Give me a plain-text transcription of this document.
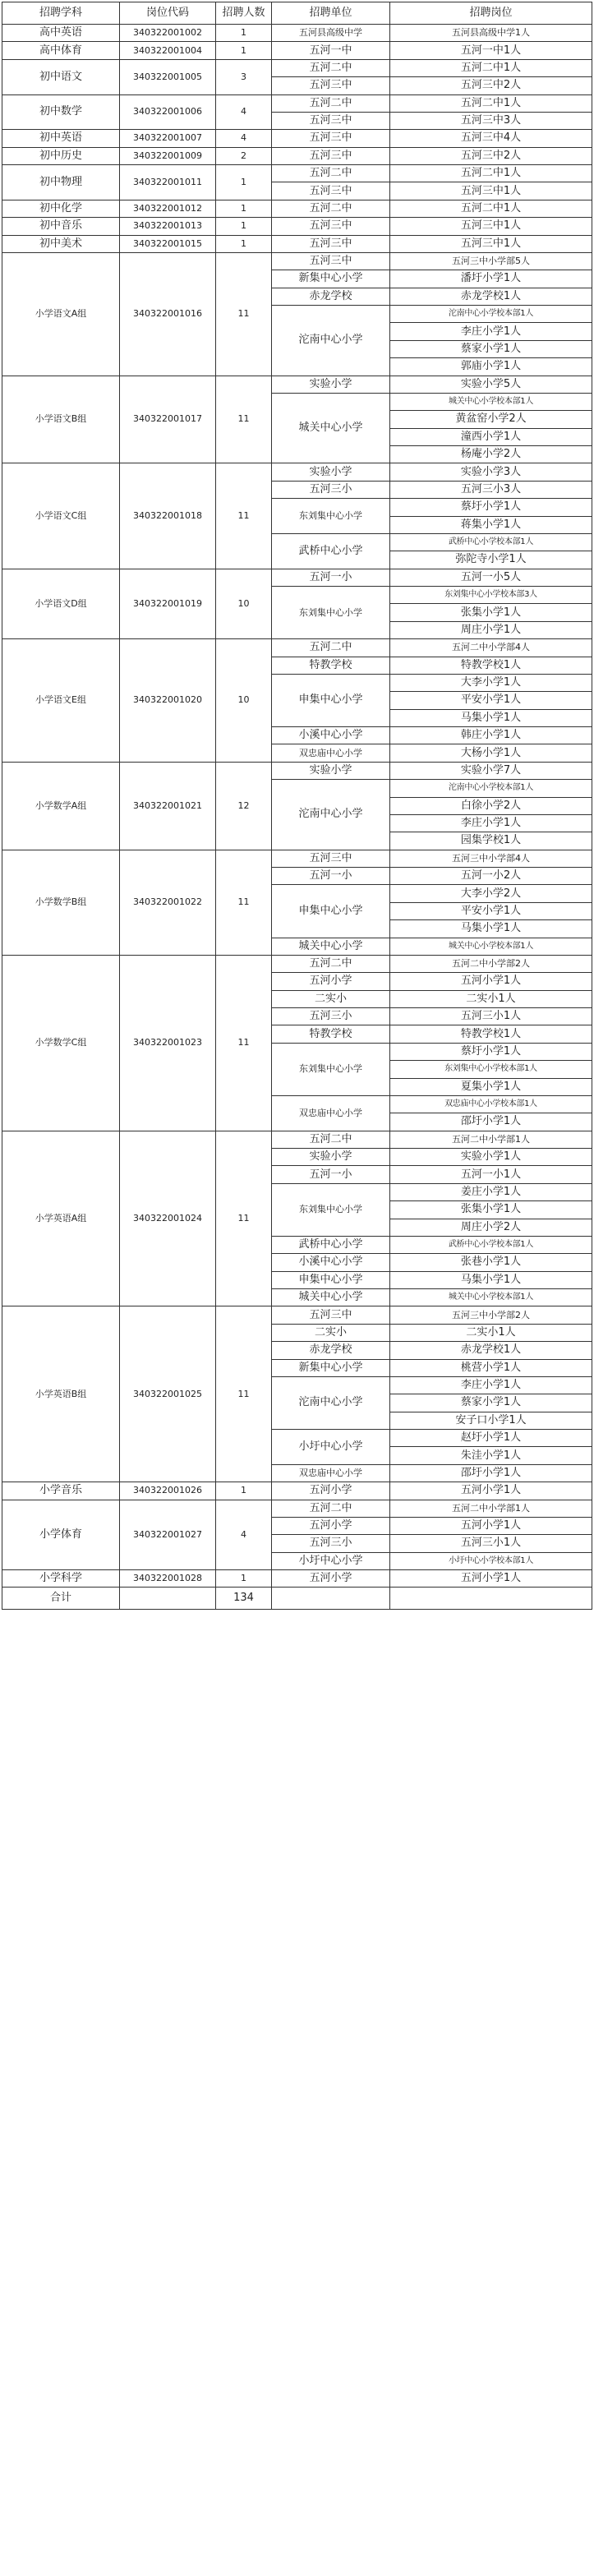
招聘学科	岗位代码	招聘人数	招聘单位	招聘岗位
高中英语	340322001002	1	五河县高级中学	五河县高级中学1人
高中体育	340322001004	1	五河一中	五河一中1人
初中语文	340322001005	3	五河二中	五河二中1人
			五河三中	五河三中2人
初中数学	340322001006	4	五河二中	五河二中1人
			五河三中	五河三中3人
初中英语	340322001007	4	五河三中	五河三中4人
初中历史	340322001009	2	五河三中	五河三中2人
初中物理	340322001011	1	五河二中	五河二中1人
			五河三中	五河三中1人
初中化学	340322001012	1	五河二中	五河二中1人
初中音乐	340322001013	1	五河三中	五河三中1人
初中美术	340322001015	1	五河三中	五河三中1人
小学语文A组	340322001016	11	五河三中	五河三中小学部5人
			新集中心小学	潘圩小学1人
			赤龙学校	赤龙学校1人
			沱南中心小学	沱南中心小学校本部1人
				李庄小学1人
				蔡家小学1人
				郭庙小学1人
小学语文B组	340322001017	11	实验小学	实验小学5人
			城关中心小学	城关中心小学校本部1人
				黄盆窑小学2人
				潼西小学1人
				杨庵小学2人
小学语文C组	340322001018	11	实验小学	实验小学3人
			五河三小	五河三小3人
			东刘集中心小学	蔡圩小学1人
				蒋集小学1人
			武桥中心小学	武桥中心小学校本部1人
				弥陀寺小学1人
小学语文D组	340322001019	10	五河一小	五河一小5人
			东刘集中心小学	东刘集中心小学校本部3人
				张集小学1人
				周庄小学1人
小学语文E组	340322001020	10	五河二中	五河二中小学部4人
			特教学校	特教学校1人
			申集中心小学	大李小学1人
				平安小学1人
				马集小学1人
			小溪中心小学	韩庄小学1人
			双忠庙中心小学	大杨小学1人
小学数学A组	340322001021	12	实验小学	实验小学7人
			沱南中心小学	沱南中心小学校本部1人
				白徐小学2人
				李庄小学1人
				园集学校1人
小学数学B组	340322001022	11	五河三中	五河三中小学部4人
			五河一小	五河一小2人
			申集中心小学	大李小学2人
				平安小学1人
				马集小学1人
			城关中心小学	城关中心小学校本部1人
小学数学C组	340322001023	11	五河二中	五河二中小学部2人
			五河小学	五河小学1人
			二实小	二实小1人
			五河三小	五河三小1人
			特教学校	特教学校1人
			东刘集中心小学	蔡圩小学1人
				东刘集中心小学校本部1人
				夏集小学1人
			双忠庙中心小学	双忠庙中心小学校本部1人
				邵圩小学1人
小学英语A组	340322001024	11	五河二中	五河二中小学部1人
			实验小学	实验小学1人
			五河一小	五河一小1人
			东刘集中心小学	姜庄小学1人
				张集小学1人
				周庄小学2人
			武桥中心小学	武桥中心小学校本部1人
			小溪中心小学	张巷小学1人
			申集中心小学	马集小学1人
			城关中心小学	城关中心小学校本部1人
小学英语B组	340322001025	11	五河三中	五河三中小学部2人
			二实小	二实小1人
			赤龙学校	赤龙学校1人
			新集中心小学	桃营小学1人
			沱南中心小学	李庄小学1人
				蔡家小学1人
				安子口小学1人
			小圩中心小学	赵圩小学1人
				朱洼小学1人
			双忠庙中心小学	邵圩小学1人
小学音乐	340322001026	1	五河小学	五河小学1人
小学体育	340322001027	4	五河二中	五河二中小学部1人
			五河小学	五河小学1人
			五河三小	五河三小1人
			小圩中心小学	小圩中心小学校本部1人
小学科学	340322001028	1	五河小学	五河小学1人
合计		134		
